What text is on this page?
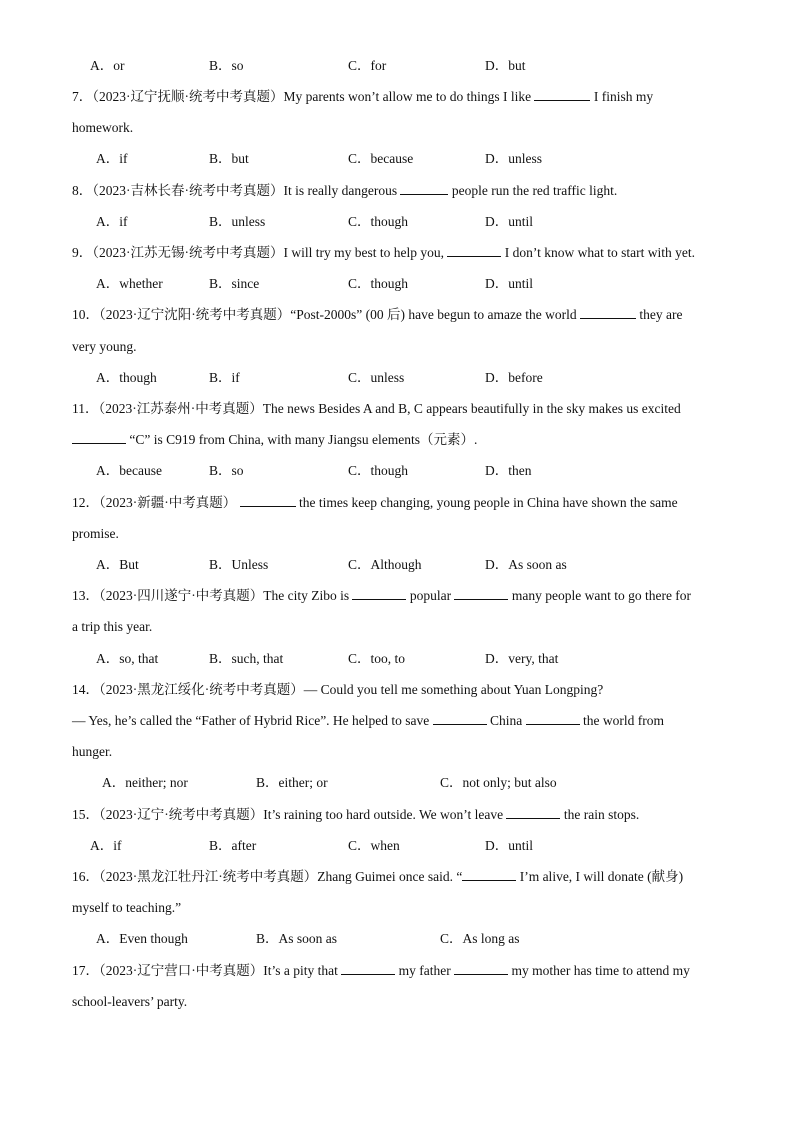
A．or	B．so	C．for	D．but
7．（2023·辽宁抚顺·统考中考真题）My parents won’t allow me to do things I like	I finish my
homework.
A．if	B．but	C．because	D．unless
8．（2023·吉林长春·统考中考真题）It is really dangerous	people run the red traffic light.
A．if	B．unless	C．though	D．until
9．（2023·江苏无锡·统考中考真题）I will try my best to help you,	I don’t know what to start with yet.
A．whether	B．since	C．though	D．until
10．（2023·辽宁沈阳·统考中考真题）“Post-2000s” (00 后) have begun to amaze the world	they are
very young.
A．though	B．if	C．unless	D．before
11．（2023·江苏泰州·中考真题）The news Besides A and B, C appears beautifully in the sky makes us excited
“C” is C919 from China, with many Jiangsu elements（元素）.
A．because	B．so	C．though	D．then
12．（2023·新疆·中考真题）	the times keep changing, young people in China have shown the same
promise.
A．But	B．Unless	C．Although	D．As soon as
13．（2023·四川遂宁·中考真题）The city Zibo is	popular	many people want to go there for
a trip this year.
A．so, that	B．such, that	C．too, to	D．very, that
14．（2023·黑龙江绥化·统考中考真题）— Could you tell me something about Yuan Longping?
— Yes, he’s called the “Father of Hybrid Rice”. He helped to save	China	the world from
hunger.
A．neither; nor	B．either; or	C．not only; but also
15．（2023·辽宁·统考中考真题）It’s raining too hard outside. We won’t leave	the rain stops.
A．if	B．after	C．when	D．until
16．（2023·黑龙江牡丹江·统考中考真题）Zhang Guimei once said. “	I’m alive, I will donate (献身)
myself to teaching.”
A．Even though	B．As soon as	C．As long as
17．（2023·辽宁营口·中考真题）It’s a pity that	my father	my mother has time to attend my
school-leavers’ party.
